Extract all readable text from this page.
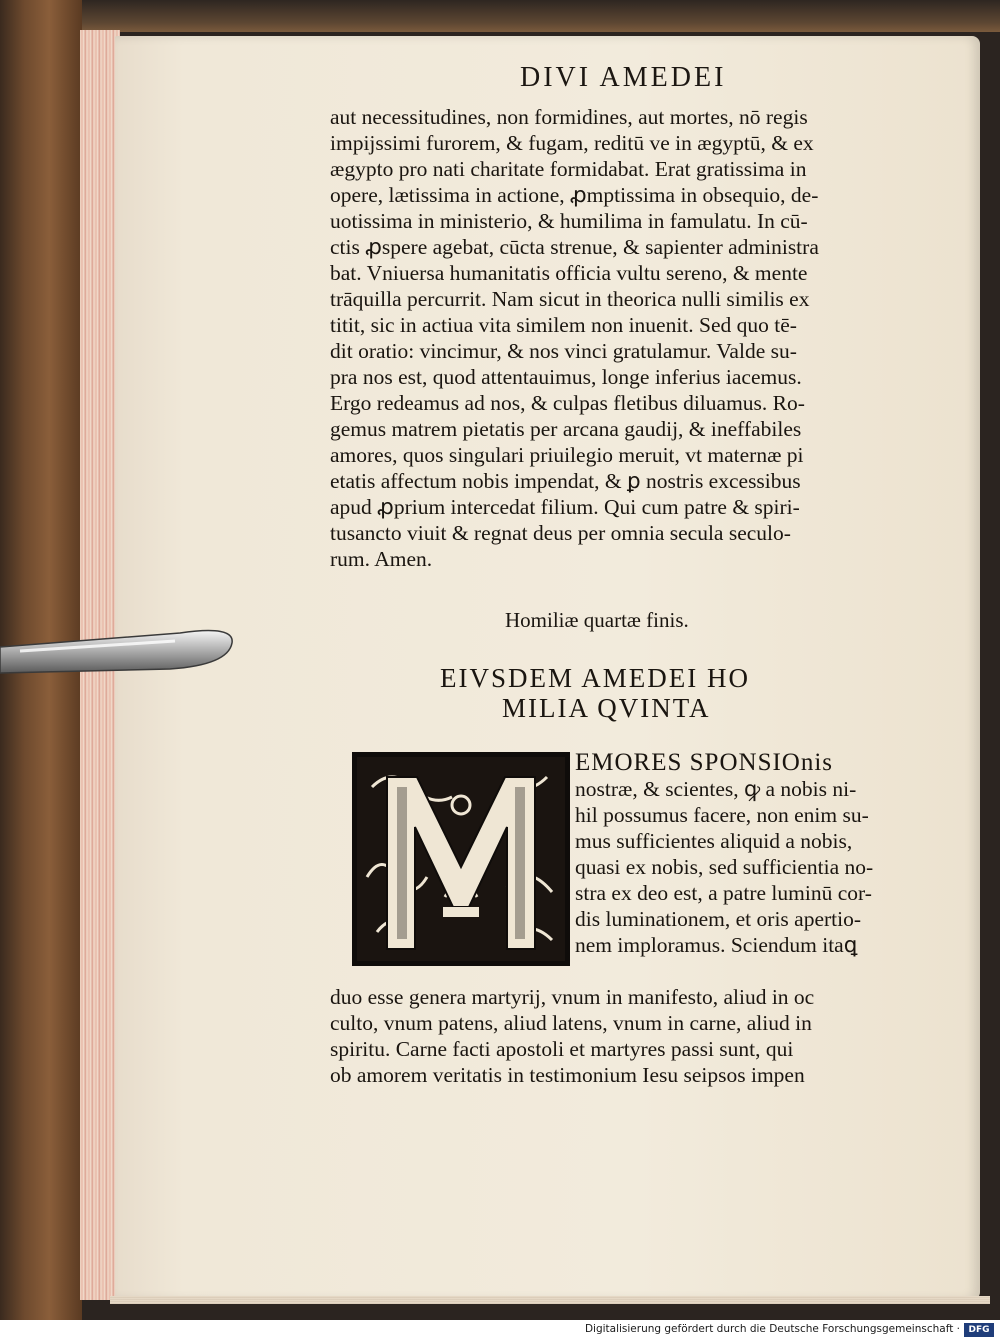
DIVI AMEDEI
aut necessitudines, non formidines, aut mortes, nō regis
impijssimi furorem, & fugam, reditū ve in ægyptū, & ex
ægypto pro nati charitate formidabat. Erat gratissima in
opere, lætissima in actione, ꝓmptissima in obsequio, de-
uotissima in ministerio, & humilima in famulatu. In cū-
ctis ꝓspere agebat, cūcta strenue, & sapienter administra
bat. Vniuersa humanitatis officia vultu sereno, & mente
trāquilla percurrit. Nam sicut in theorica nulli similis ex
titit, sic in actiua vita similem non inuenit. Sed quo tē-
dit oratio: vincimur, & nos vinci gratulamur. Valde su-
pra nos est, quod attentauimus, longe inferius iacemus.
Ergo redeamus ad nos, & culpas fletibus diluamus. Ro-
gemus matrem pietatis per arcana gaudij, & ineffabiles
amores, quos singulari priuilegio meruit, vt maternæ pi
etatis affectum nobis impendat, & ꝑ nostris excessibus
apud ꝓprium intercedat filium. Qui cum patre & spiri-
tusancto viuit & regnat deus per omnia secula seculo-
rum. Amen.
Homiliæ quartæ finis.
EIVSDEM AMEDEI HO
MILIA QVINTA
EMORES SPONSIOnis
nostræ, & scientes, ꝙ a nobis ni-
hil possumus facere, non enim su-
mus sufficientes aliquid a nobis,
quasi ex nobis, sed sufficientia no-
stra ex deo est, a patre luminū cor-
dis luminationem, et oris apertio-
nem imploramus. Sciendum itaꝗ
duo esse genera martyrij, vnum in manifesto, aliud in oc
culto, vnum patens, aliud latens, vnum in carne, aliud in
spiritu. Carne facti apostoli et martyres passi sunt, qui
ob amorem veritatis in testimonium Iesu seipsos impen
Digitalisierung gefördert durch die Deutsche Forschungsgemeinschaft · DFG
